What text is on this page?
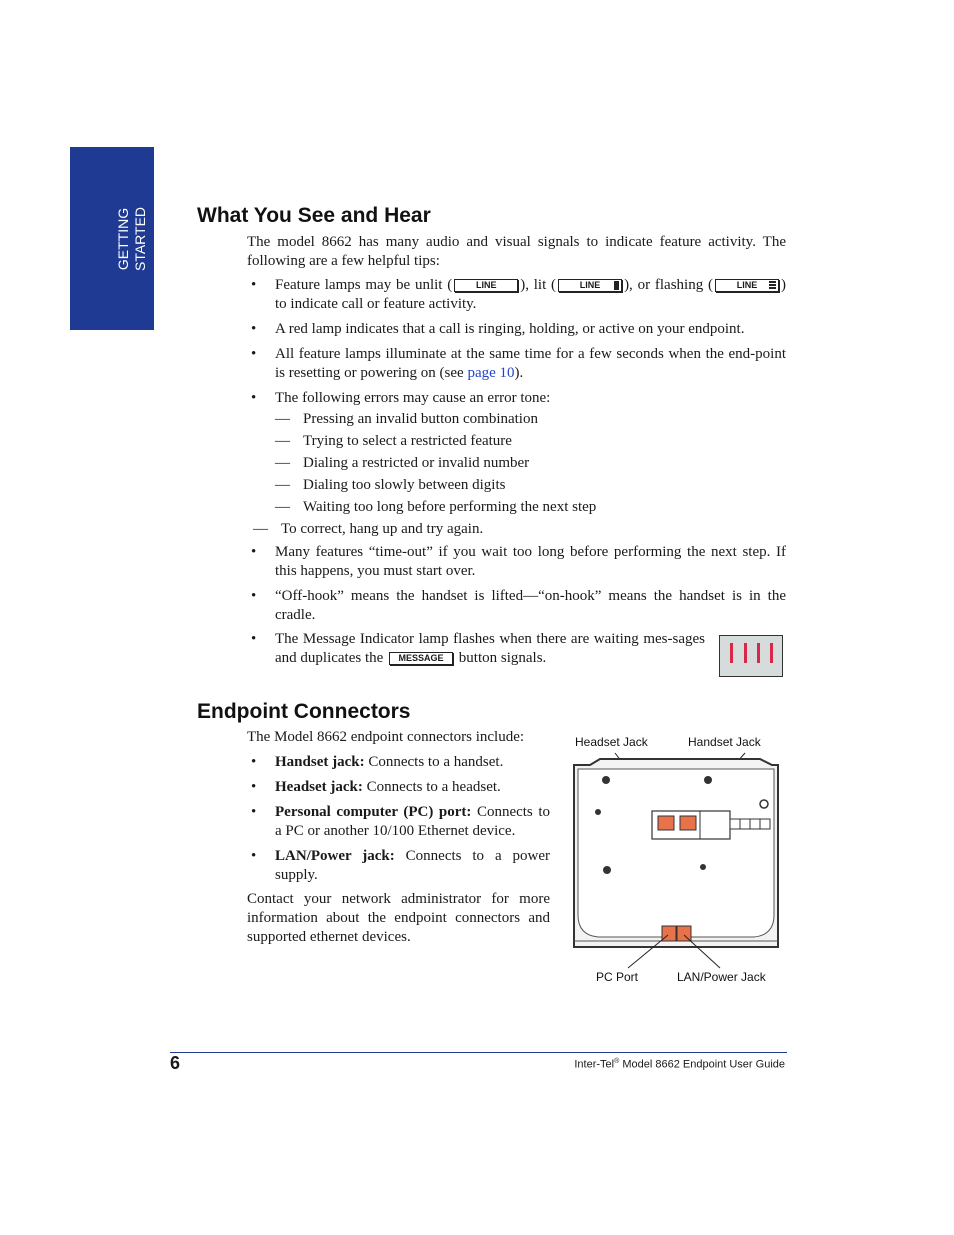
GETTING STARTED What You See and Hear

The model 8662 has many audio and visual signals to indicate feature activity. The following are a few helpful tips:

• Feature lamps may be unlit (	LINE ), lit (	LINE ), or flashing (	LINE ) to indicate call or feature activity.
• A red lamp indicates that a call is ringing, holding, or active on your endpoint.
• All feature lamps illuminate at the same time for a few seconds when the end-point is resetting or powering on (see page 10).
• The following errors may cause an error tone:
— Pressing an invalid button combination
— Trying to select a restricted feature
— Dialing a restricted or invalid number
— Dialing too slowly between digits
— Waiting too long before performing the next step
— To correct, hang up and try again.
• Many features “time-out” if you wait too long before performing the next step. If this happens, you must start over.
• “Off-hook” means the handset is lifted—“on-hook” means the handset is in the cradle.
• The Message Indicator lamp flashes when there are waiting mes-sages and duplicates the MESSAGE button signals.
Endpoint Connectors

The Model 8662 endpoint connectors include:

• Handset jack: Connects to a handset.
• Headset jack: Connects to a headset.
• Personal computer (PC) port: Connects to a PC or another 10/100 Ethernet device.
• LAN/Power jack: Connects to a power supply.

Contact your network administrator for more information about the endpoint connectors and supported ethernet devices.

Headset Jack	Handset Jack
PC Port	LAN/Power Jack
6	Inter-Tel® Model 8662 Endpoint User Guide
